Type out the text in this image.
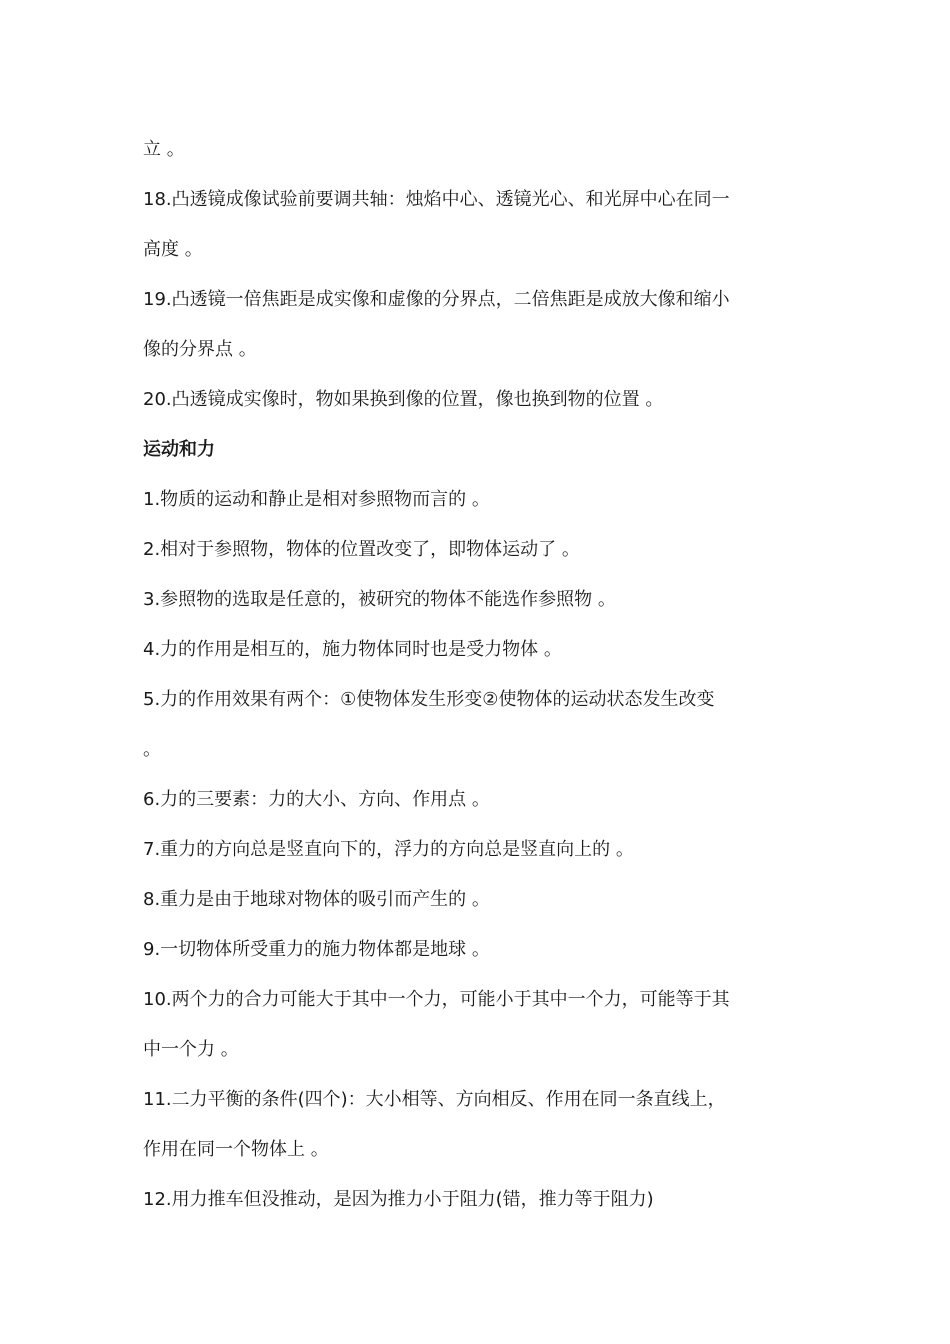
立 。
18.凸透镜成像试验前要调共轴：烛焰中心、透镜光心、和光屏中心在同一
高度 。
19.凸透镜一倍焦距是成实像和虚像的分界点，二倍焦距是成放大像和缩小
像的分界点 。
20.凸透镜成实像时，物如果换到像的位置，像也换到物的位置 。
运动和力
1.物质的运动和静止是相对参照物而言的 。
2.相对于参照物，物体的位置改变了，即物体运动了 。
3.参照物的选取是任意的，被研究的物体不能选作参照物 。
4.力的作用是相互的，施力物体同时也是受力物体 。
5.力的作用效果有两个：①使物体发生形变②使物体的运动状态发生改变
。
6.力的三要素：力的大小、方向、作用点 。
7.重力的方向总是竖直向下的，浮力的方向总是竖直向上的 。
8.重力是由于地球对物体的吸引而产生的 。
9.一切物体所受重力的施力物体都是地球 。
10.两个力的合力可能大于其中一个力，可能小于其中一个力，可能等于其
中一个力 。
11.二力平衡的条件(四个)：大小相等、方向相反、作用在同一条直线上，
作用在同一个物体上 。
12.用力推车但没推动，是因为推力小于阻力(错，推力等于阻力)
